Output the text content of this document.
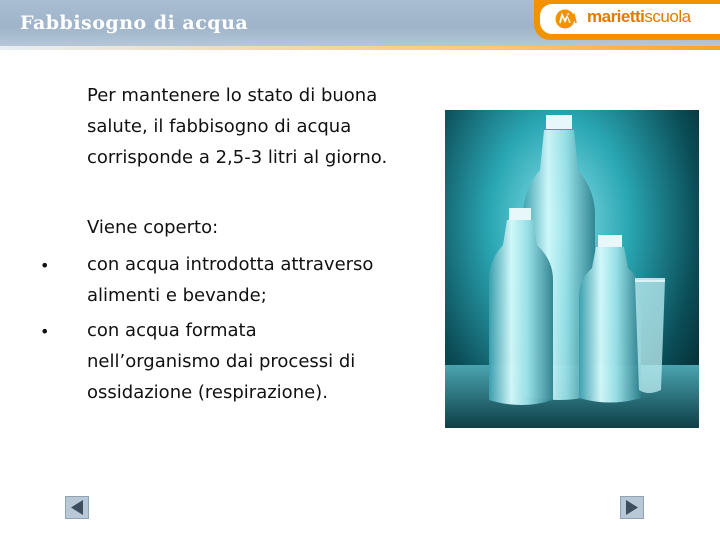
Fabbisogno di acqua	mariettiscuola
Per mantenere lo stato di buona
salute, il fabbisogno di acqua
corrisponde a 2,5-3 litri al giorno.
Viene coperto:
• con acqua introdotta attraverso
alimenti e bevande;
• con acqua formata
nell’organismo dai processi di
ossidazione (respirazione).
